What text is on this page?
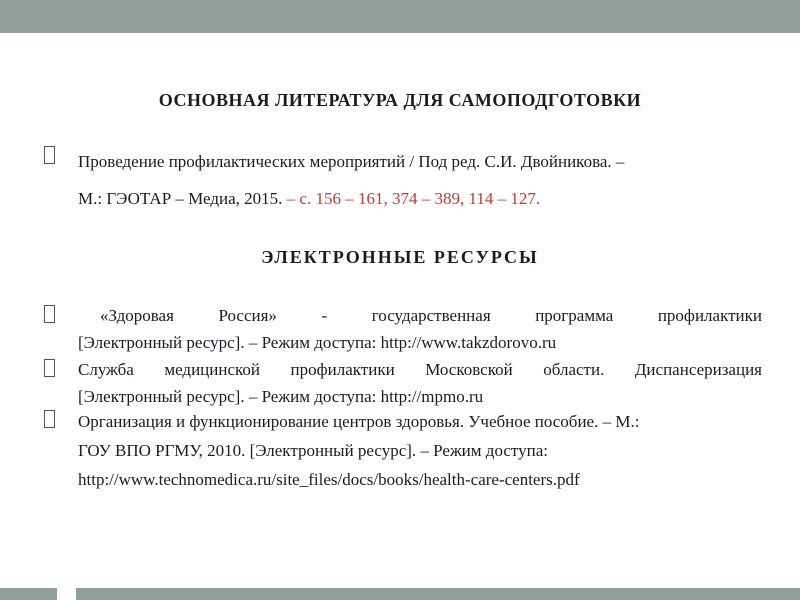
ОСНОВНАЯ ЛИТЕРАТУРА ДЛЯ САМОПОДГОТОВКИ
Проведение профилактических мероприятий / Под ред. С.И. Двойникова. –
М.: ГЭОТАР – Медиа, 2015. – с. 156 – 161, 374 – 389, 114 – 127.
ЭЛЕКТРОННЫЕ РЕСУРСЫ
«Здоровая Россия» - государственная программа профилактики
[Электронный ресурс]. – Режим доступа: http://www.takzdorovo.ru
Служба медицинской профилактики Московской области. Диспансеризация
[Электронный ресурс]. – Режим доступа: http://mpmo.ru
Организация и функционирование центров здоровья. Учебное пособие. – М.:
ГОУ ВПО РГМУ, 2010. [Электронный ресурс]. – Режим доступа:
http://www.technomedica.ru/site_files/docs/books/health-care-centers.pdf
